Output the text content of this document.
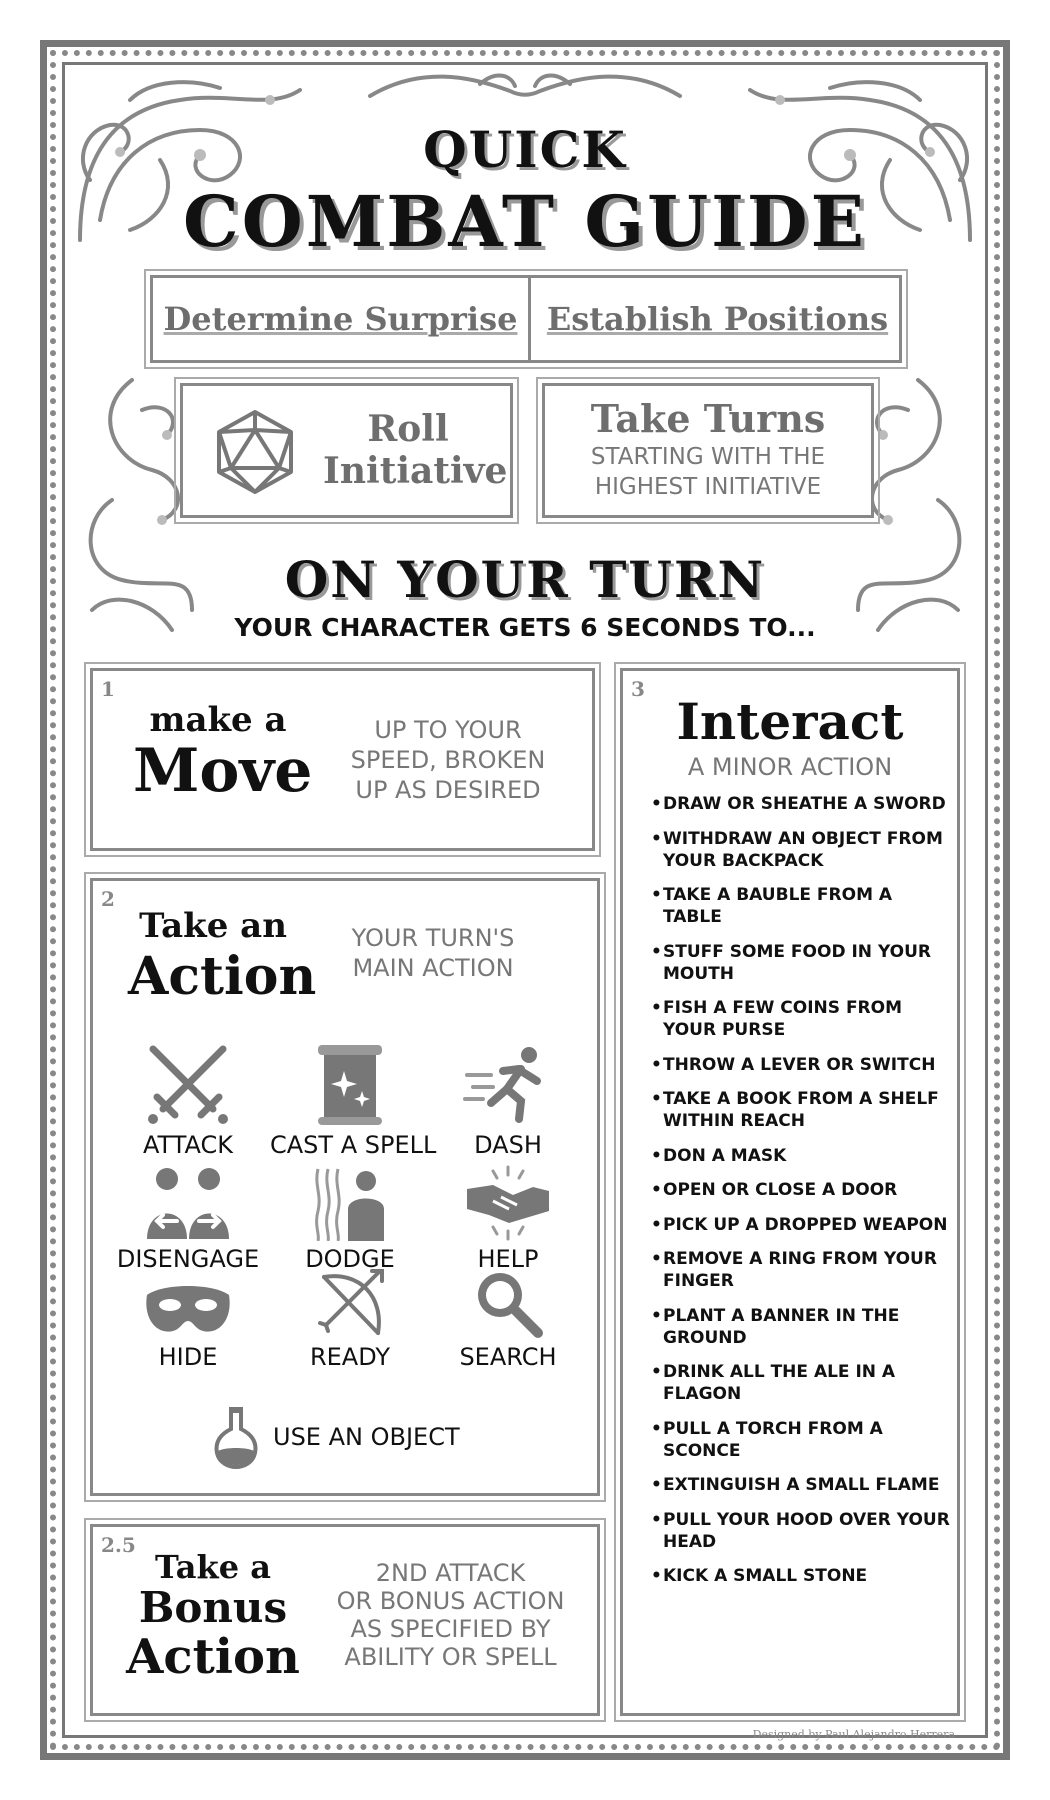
QUICK
COMBAT GUIDE
Determine Surprise Establish Positions
Roll
Initiative
Take Turns
STARTING WITH THE
HIGHEST INITIATIVE
ON YOUR TURN
YOUR CHARACTER GETS 6 SECONDS TO...
1
make a
Move
UP TO YOUR
SPEED, BROKEN
UP AS DESIRED
2
Take an
Action
YOUR TURN'S
MAIN ACTION
ATTACK	CAST A SPELL	DASH
DISENGAGE	DODGE	HELP
HIDE	READY	SEARCH
USE AN OBJECT
2.5
Take a
Bonus
Action
2ND ATTACK
OR BONUS ACTION
AS SPECIFIED BY
ABILITY OR SPELL
3
Interact
A MINOR ACTION
• DRAW OR SHEATHE A SWORD
• WITHDRAW AN OBJECT FROM YOUR BACKPACK
• TAKE A BAUBLE FROM A TABLE
• STUFF SOME FOOD IN YOUR MOUTH
• FISH A FEW COINS FROM YOUR PURSE
• THROW A LEVER OR SWITCH
• TAKE A BOOK FROM A SHELF WITHIN REACH
• DON A MASK
• OPEN OR CLOSE A DOOR
• PICK UP A DROPPED WEAPON
• REMOVE A RING FROM YOUR FINGER
• PLANT A BANNER IN THE GROUND
• DRINK ALL THE ALE IN A FLAGON
• PULL A TORCH FROM A SCONCE
• EXTINGUISH A SMALL FLAME
• PULL YOUR HOOD OVER YOUR HEAD
• KICK A SMALL STONE
Designed by Paul Alejandro Herrera
